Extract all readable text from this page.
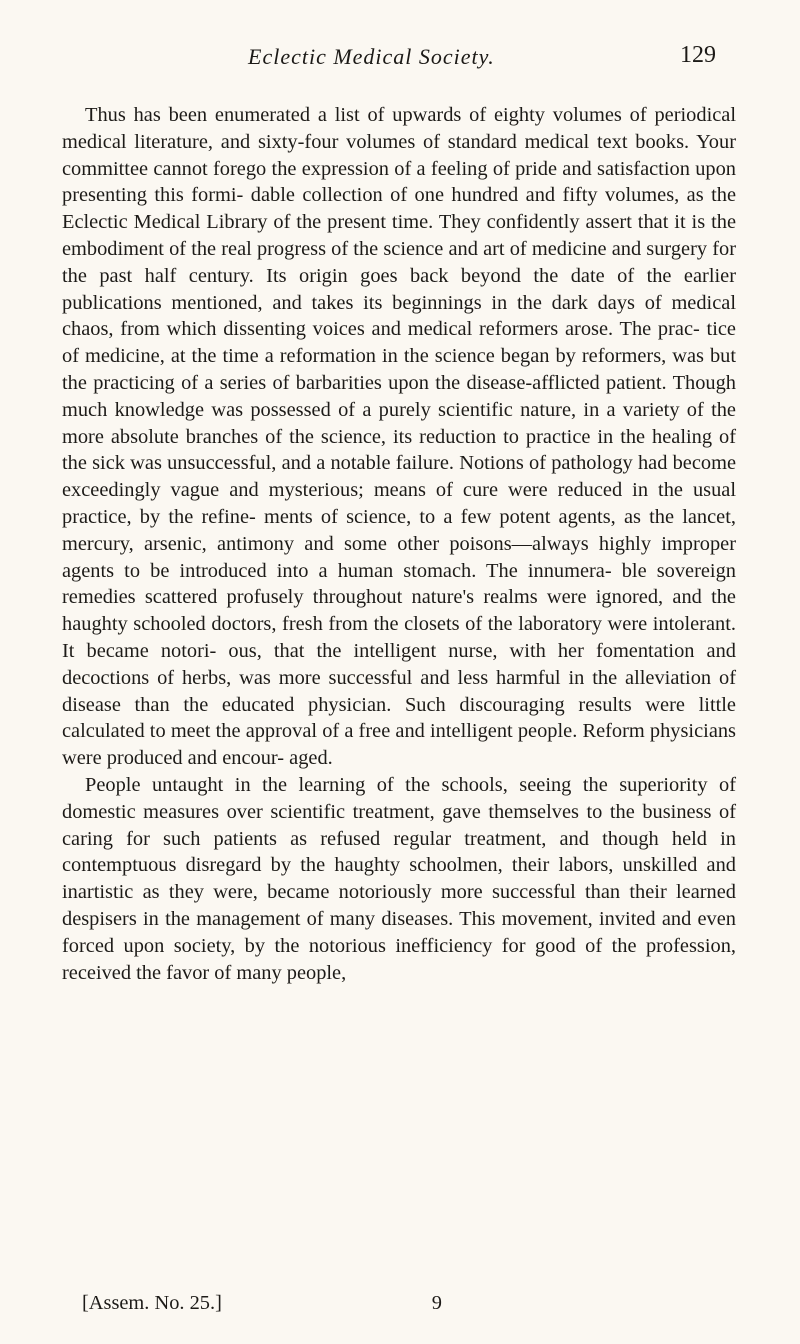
Eclectic Medical Society.	129

Thus has been enumerated a list of upwards of eighty volumes of periodical medical literature, and sixty-four volumes of standard medical text books. Your committee cannot forego the expression of a feeling of pride and satisfaction upon presenting this formi- dable collection of one hundred and fifty volumes, as the Eclectic Medical Library of the present time. They confidently assert that it is the embodiment of the real progress of the science and art of medicine and surgery for the past half century. Its origin goes back beyond the date of the earlier publications mentioned, and takes its beginnings in the dark days of medical chaos, from which dissenting voices and medical reformers arose. The prac- tice of medicine, at the time a reformation in the science began by reformers, was but the practicing of a series of barbarities upon the disease-afflicted patient. Though much knowledge was possessed of a purely scientific nature, in a variety of the more absolute branches of the science, its reduction to practice in the healing of the sick was unsuccessful, and a notable failure. Notions of pathology had become exceedingly vague and mysterious; means of cure were reduced in the usual practice, by the refine- ments of science, to a few potent agents, as the lancet, mercury, arsenic, antimony and some other poisons—always highly improper agents to be introduced into a human stomach. The innumera- ble sovereign remedies scattered profusely throughout nature's realms were ignored, and the haughty schooled doctors, fresh from the closets of the laboratory were intolerant. It became notori- ous, that the intelligent nurse, with her fomentation and decoctions of herbs, was more successful and less harmful in the alleviation of disease than the educated physician. Such discouraging results were little calculated to meet the approval of a free and intelligent people. Reform physicians were produced and encour- aged.

People untaught in the learning of the schools, seeing the superiority of domestic measures over scientific treatment, gave themselves to the business of caring for such patients as refused regular treatment, and though held in contemptuous disregard by the haughty schoolmen, their labors, unskilled and inartistic as they were, became notoriously more successful than their learned despisers in the management of many diseases. This movement, invited and even forced upon society, by the notorious inefficiency for good of the profession, received the favor of many people,

[Assem. No. 25.]	9
